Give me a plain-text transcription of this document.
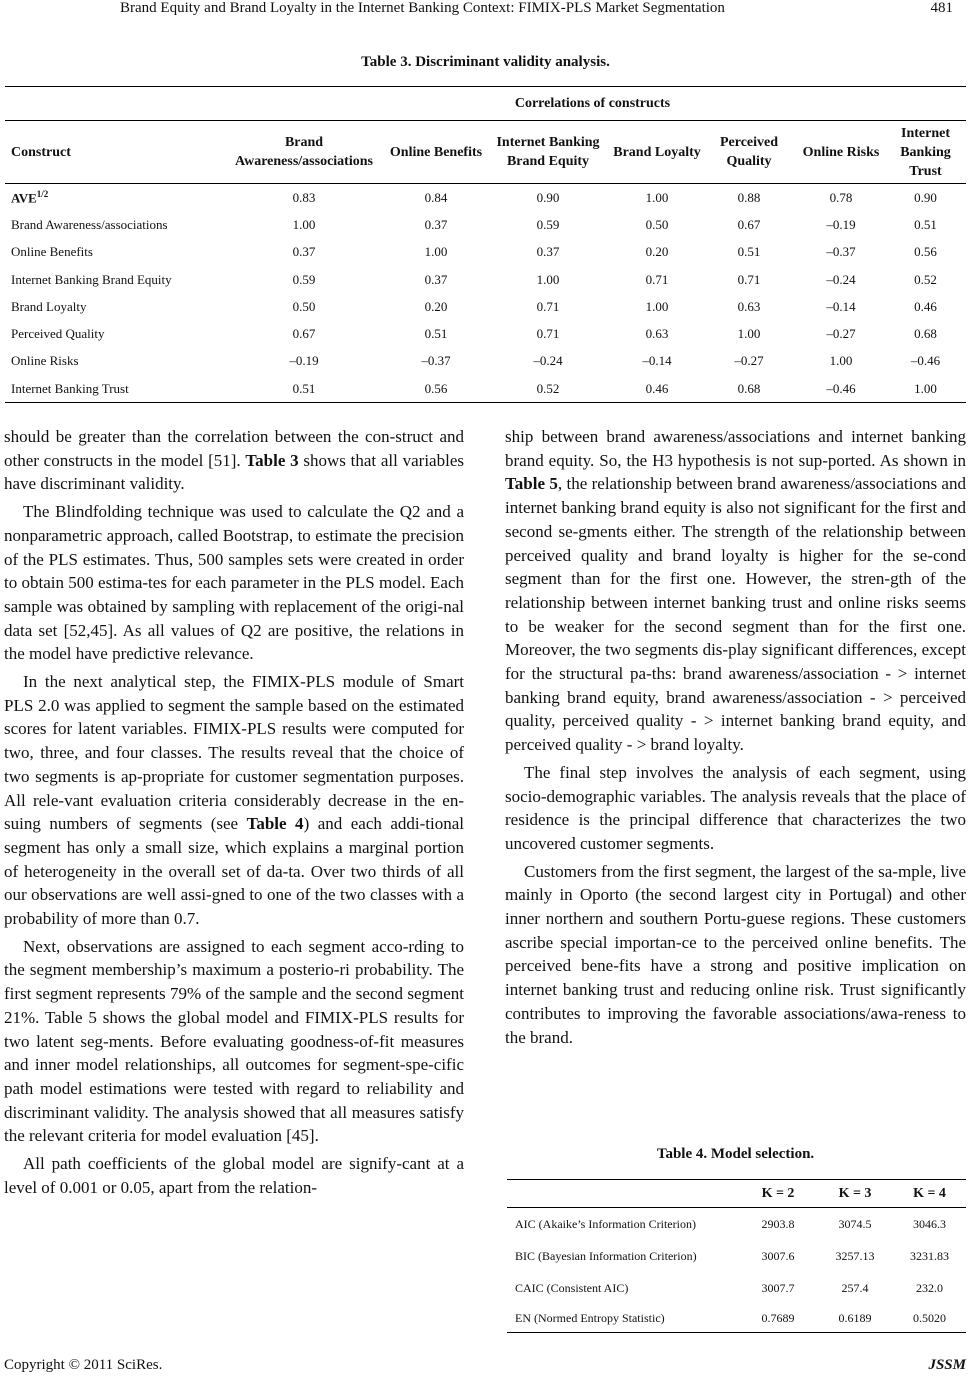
Brand Equity and Brand Loyalty in the Internet Banking Context: FIMIX-PLS Market Segmentation	481
Table 3. Discriminant validity analysis.
	Correlations of constructs						
Construct	Brand Awareness/associations	Online Benefits	Internet Banking Brand Equity	Brand Loyalty	Perceived Quality	Online Risks	Internet Banking Trust
$AVE^{1/2}$	0.83	0.84	0.90	1.00	0.88	0.78	0.90
Brand Awareness/associations	1.00	0.37	0.59	0.50	0.67	–0.19	0.51
Online Benefits	0.37	1.00	0.37	0.20	0.51	–0.37	0.56
Internet Banking Brand Equity	0.59	0.37	1.00	0.71	0.71	–0.24	0.52
Brand Loyalty	0.50	0.20	0.71	1.00	0.63	–0.14	0.46
Perceived Quality	0.67	0.51	0.71	0.63	1.00	–0.27	0.68
Online Risks	–0.19	–0.37	–0.24	–0.14	–0.27	1.00	–0.46
Internet Banking Trust	0.51	0.56	0.52	0.46	0.68	–0.46	1.00

should be greater than the correlation between the con-struct and other constructs in the model [51]. Table 3 shows that all variables have discriminant validity.

The Blindfolding technique was used to calculate the Q2 and a nonparametric approach, called Bootstrap, to estimate the precision of the PLS estimates. Thus, 500 samples sets were created in order to obtain 500 estima-tes for each parameter in the PLS model. Each sample was obtained by sampling with replacement of the origi-nal data set [52,45]. As all values of Q2 are positive, the relations in the model have predictive relevance.

In the next analytical step, the FIMIX-PLS module of Smart PLS 2.0 was applied to segment the sample based on the estimated scores for latent variables. FIMIX-PLS results were computed for two, three, and four classes. The results reveal that the choice of two segments is ap-propriate for customer segmentation purposes. All rele-vant evaluation criteria considerably decrease in the en-suing numbers of segments (see Table 4) and each addi-tional segment has only a small size, which explains a marginal portion of heterogeneity in the overall set of da-ta. Over two thirds of all our observations are well assi-gned to one of the two classes with a probability of more than 0.7.

Next, observations are assigned to each segment acco-rding to the segment membership’s maximum a posterio-ri probability. The first segment represents 79% of the sample and the second segment 21%. Table 5 shows the global model and FIMIX-PLS results for two latent seg-ments. Before evaluating goodness-of-fit measures and inner model relationships, all outcomes for segment-spe-cific path model estimations were tested with regard to reliability and discriminant validity. The analysis showed that all measures satisfy the relevant criteria for model evaluation [45].

All path coefficients of the global model are signify-cant at a level of 0.001 or 0.05, apart from the relation-

ship between brand awareness/associations and internet banking brand equity. So, the H3 hypothesis is not sup-ported. As shown in Table 5, the relationship between brand awareness/associations and internet banking brand equity is also not significant for the first and second se-gments either. The strength of the relationship between perceived quality and brand loyalty is higher for the se-cond segment than for the first one. However, the stren-gth of the relationship between internet banking trust and online risks seems to be weaker for the second segment than for the first one. Moreover, the two segments dis-play significant differences, except for the structural pa-ths: brand awareness/association - > internet banking brand equity, brand awareness/association - > perceived quality, perceived quality - > internet banking brand equity, and perceived quality - > brand loyalty.

The final step involves the analysis of each segment, using socio-demographic variables. The analysis reveals that the place of residence is the principal difference that characterizes the two uncovered customer segments.

Customers from the first segment, the largest of the sa-mple, live mainly in Oporto (the second largest city in Portugal) and other inner northern and southern Portu-guese regions. These customers ascribe special importan-ce to the perceived online benefits. The perceived bene-fits have a strong and positive implication on internet banking trust and reducing online risk. Trust significantly contributes to improving the favorable associations/awa-reness to the brand.

Table 4. Model selection.
	K = 2	K = 3	K = 4
AIC (Akaike’s Information Criterion)	2903.8	3074.5	3046.3
BIC (Bayesian Information Criterion)	3007.6	3257.13	3231.83
CAIC (Consistent AIC)	3007.7	257.4	232.0
EN (Normed Entropy Statistic)	0.7689	0.6189	0.5020
Copyright © 2011 SciRes.	JSSM
